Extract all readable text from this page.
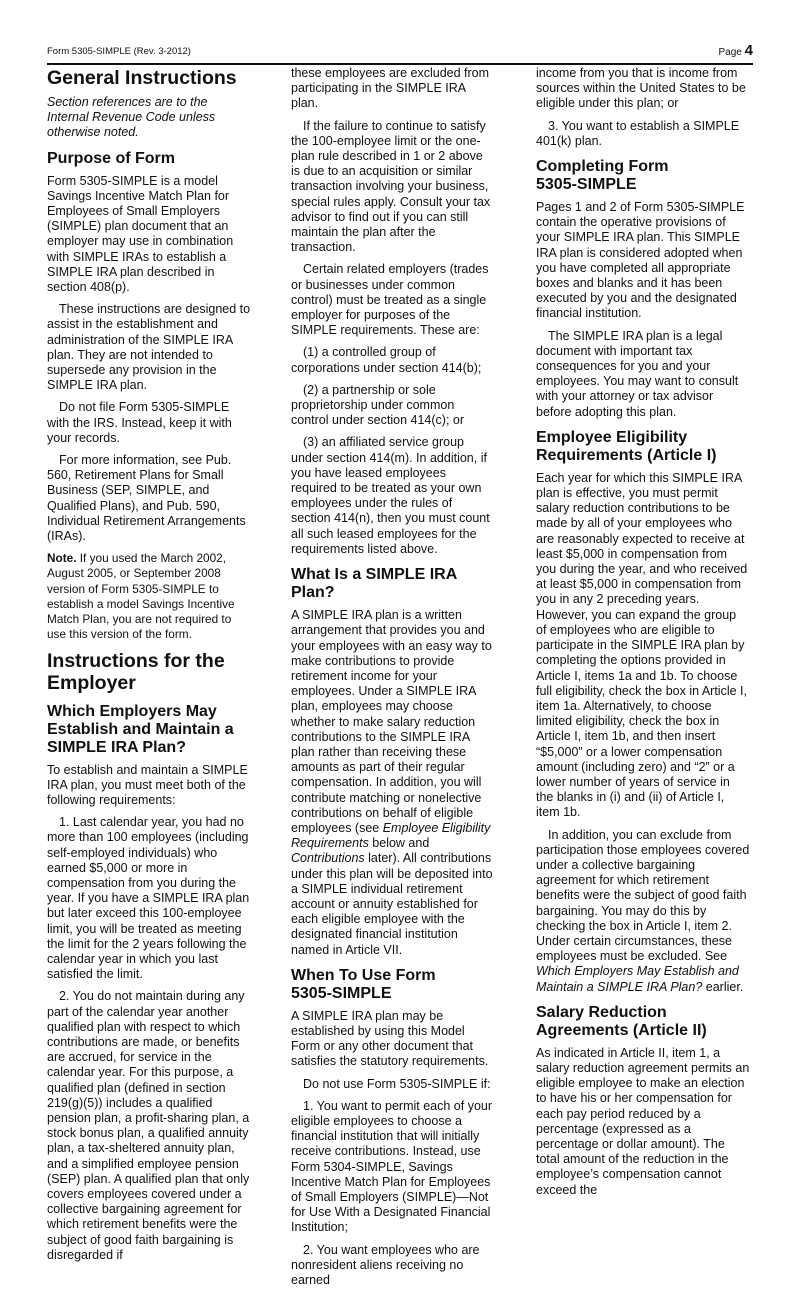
Form 5305-SIMPLE (Rev. 3-2012)	Page 4
General Instructions

Section references are to the Internal Revenue Code unless otherwise noted.

Purpose of Form

Form 5305-SIMPLE is a model Savings Incentive Match Plan for Employees of Small Employers (SIMPLE) plan document that an employer may use in combination with SIMPLE IRAs to establish a SIMPLE IRA plan described in section 408(p).

These instructions are designed to assist in the establishment and administration of the SIMPLE IRA plan. They are not intended to supersede any provision in the SIMPLE IRA plan.

Do not file Form 5305-SIMPLE with the IRS. Instead, keep it with your records.

For more information, see Pub. 560, Retirement Plans for Small Business (SEP, SIMPLE, and Qualified Plans), and Pub. 590, Individual Retirement Arrangements (IRAs).

Note. If you used the March 2002, August 2005, or September 2008 version of Form 5305-SIMPLE to establish a model Savings Incentive Match Plan, you are not required to use this version of the form.

Instructions for the
Employer
Which Employers May
Establish and Maintain a
SIMPLE IRA Plan?

To establish and maintain a SIMPLE IRA plan, you must meet both of the following requirements:

1. Last calendar year, you had no more than 100 employees (including self-employed individuals) who earned $5,000 or more in compensation from you during the year. If you have a SIMPLE IRA plan but later exceed this 100-employee limit, you will be treated as meeting the limit for the 2 years following the calendar year in which you last satisfied the limit.

2. You do not maintain during any part of the calendar year another qualified plan with respect to which contributions are made, or benefits are accrued, for service in the calendar year. For this purpose, a qualified plan (defined in section 219(g)(5)) includes a qualified pension plan, a profit-sharing plan, a stock bonus plan, a qualified annuity plan, a tax-sheltered annuity plan, and a simplified employee pension (SEP) plan. A qualified plan that only covers employees covered under a collective bargaining agreement for which retirement benefits were the subject of good faith bargaining is disregarded if

these employees are excluded from participating in the SIMPLE IRA plan.

If the failure to continue to satisfy the 100-employee limit or the one-plan rule described in 1 or 2 above is due to an acquisition or similar transaction involving your business, special rules apply. Consult your tax advisor to find out if you can still maintain the plan after the transaction.

Certain related employers (trades or businesses under common control) must be treated as a single employer for purposes of the SIMPLE requirements. These are:

(1) a controlled group of corporations under section 414(b);

(2) a partnership or sole proprietorship under common control under section 414(c); or

(3) an affiliated service group under section 414(m). In addition, if you have leased employees required to be treated as your own employees under the rules of section 414(n), then you must count all such leased employees for the requirements listed above.

What Is a SIMPLE IRA Plan?

A SIMPLE IRA plan is a written arrangement that provides you and your employees with an easy way to make contributions to provide retirement income for your employees. Under a SIMPLE IRA plan, employees may choose whether to make salary reduction contributions to the SIMPLE IRA plan rather than receiving these amounts as part of their regular compensation. In addition, you will contribute matching or nonelective contributions on behalf of eligible employees (see Employee Eligibility Requirements below and Contributions later). All contributions under this plan will be deposited into a SIMPLE individual retirement account or annuity established for each eligible employee with the designated financial institution named in Article VII.

When To Use Form
5305-SIMPLE

A SIMPLE IRA plan may be established by using this Model Form or any other document that satisfies the statutory requirements.

Do not use Form 5305-SIMPLE if:

1. You want to permit each of your eligible employees to choose a financial institution that will initially receive contributions. Instead, use Form 5304-SIMPLE, Savings Incentive Match Plan for Employees of Small Employers (SIMPLE)—Not for Use With a Designated Financial Institution;

2. You want employees who are nonresident aliens receiving no earned

income from you that is income from sources within the United States to be eligible under this plan; or

3. You want to establish a SIMPLE 401(k) plan.

Completing Form
5305-SIMPLE

Pages 1 and 2 of Form 5305-SIMPLE contain the operative provisions of your SIMPLE IRA plan. This SIMPLE IRA plan is considered adopted when you have completed all appropriate boxes and blanks and it has been executed by you and the designated financial institution.

The SIMPLE IRA plan is a legal document with important tax consequences for you and your employees. You may want to consult with your attorney or tax advisor before adopting this plan.

Employee Eligibility
Requirements (Article I)

Each year for which this SIMPLE IRA plan is effective, you must permit salary reduction contributions to be made by all of your employees who are reasonably expected to receive at least $5,000 in compensation from you during the year, and who received at least $5,000 in compensation from you in any 2 preceding years. However, you can expand the group of employees who are eligible to participate in the SIMPLE IRA plan by completing the options provided in Article I, items 1a and 1b. To choose full eligibility, check the box in Article I, item 1a. Alternatively, to choose limited eligibility, check the box in Article I, item 1b, and then insert “$5,000” or a lower compensation amount (including zero) and “2” or a lower number of years of service in the blanks in (i) and (ii) of Article I, item 1b.

In addition, you can exclude from participation those employees covered under a collective bargaining agreement for which retirement benefits were the subject of good faith bargaining. You may do this by checking the box in Article I, item 2. Under certain circumstances, these employees must be excluded. See Which Employers May Establish and Maintain a SIMPLE IRA Plan? earlier.

Salary Reduction
Agreements (Article II)

As indicated in Article II, item 1, a salary reduction agreement permits an eligible employee to make an election to have his or her compensation for each pay period reduced by a percentage (expressed as a percentage or dollar amount). The total amount of the reduction in the employee’s compensation cannot exceed the
